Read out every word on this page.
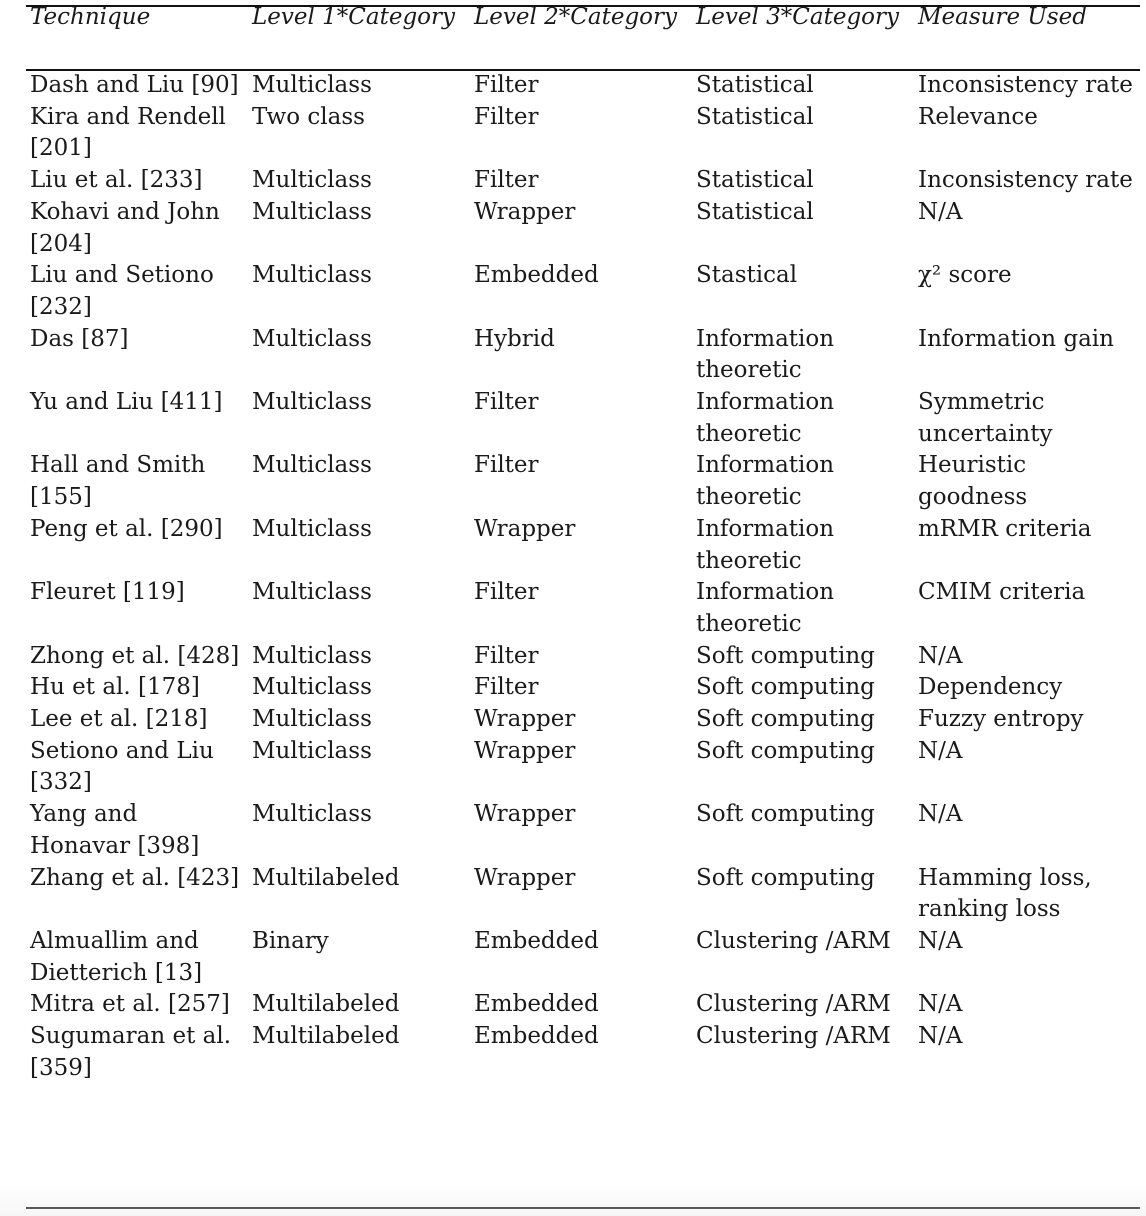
Technique	Level 1*Category	Level 2*Category	Level 3*Category	Measure Used
Dash and Liu [90]	Multiclass	Filter	Statistical	Inconsistency rate
Kira and Rendell [201]	Two class	Filter	Statistical	Relevance
Liu et al. [233]	Multiclass	Filter	Statistical	Inconsistency rate
Kohavi and John [204]	Multiclass	Wrapper	Statistical	N/A
Liu and Setiono [232]	Multiclass	Embedded	Stastical	χ² score
Das [87]	Multiclass	Hybrid	Information theoretic	Information gain
Yu and Liu [411]	Multiclass	Filter	Information theoretic	Symmetric uncertainty
Hall and Smith [155]	Multiclass	Filter	Information theoretic	Heuristic goodness
Peng et al. [290]	Multiclass	Wrapper	Information theoretic	mRMR criteria
Fleuret [119]	Multiclass	Filter	Information theoretic	CMIM criteria
Zhong et al. [428]	Multiclass	Filter	Soft computing	N/A
Hu et al. [178]	Multiclass	Filter	Soft computing	Dependency
Lee et al. [218]	Multiclass	Wrapper	Soft computing	Fuzzy entropy
Setiono and Liu [332]	Multiclass	Wrapper	Soft computing	N/A
Yang and Honavar [398]	Multiclass	Wrapper	Soft computing	N/A
Zhang et al. [423]	Multilabeled	Wrapper	Soft computing	Hamming loss, ranking loss
Almuallim and Dietterich [13]	Binary	Embedded	Clustering /ARM	N/A
Mitra et al. [257]	Multilabeled	Embedded	Clustering /ARM	N/A
Sugumaran et al. [359]	Multilabeled	Embedded	Clustering /ARM	N/A
